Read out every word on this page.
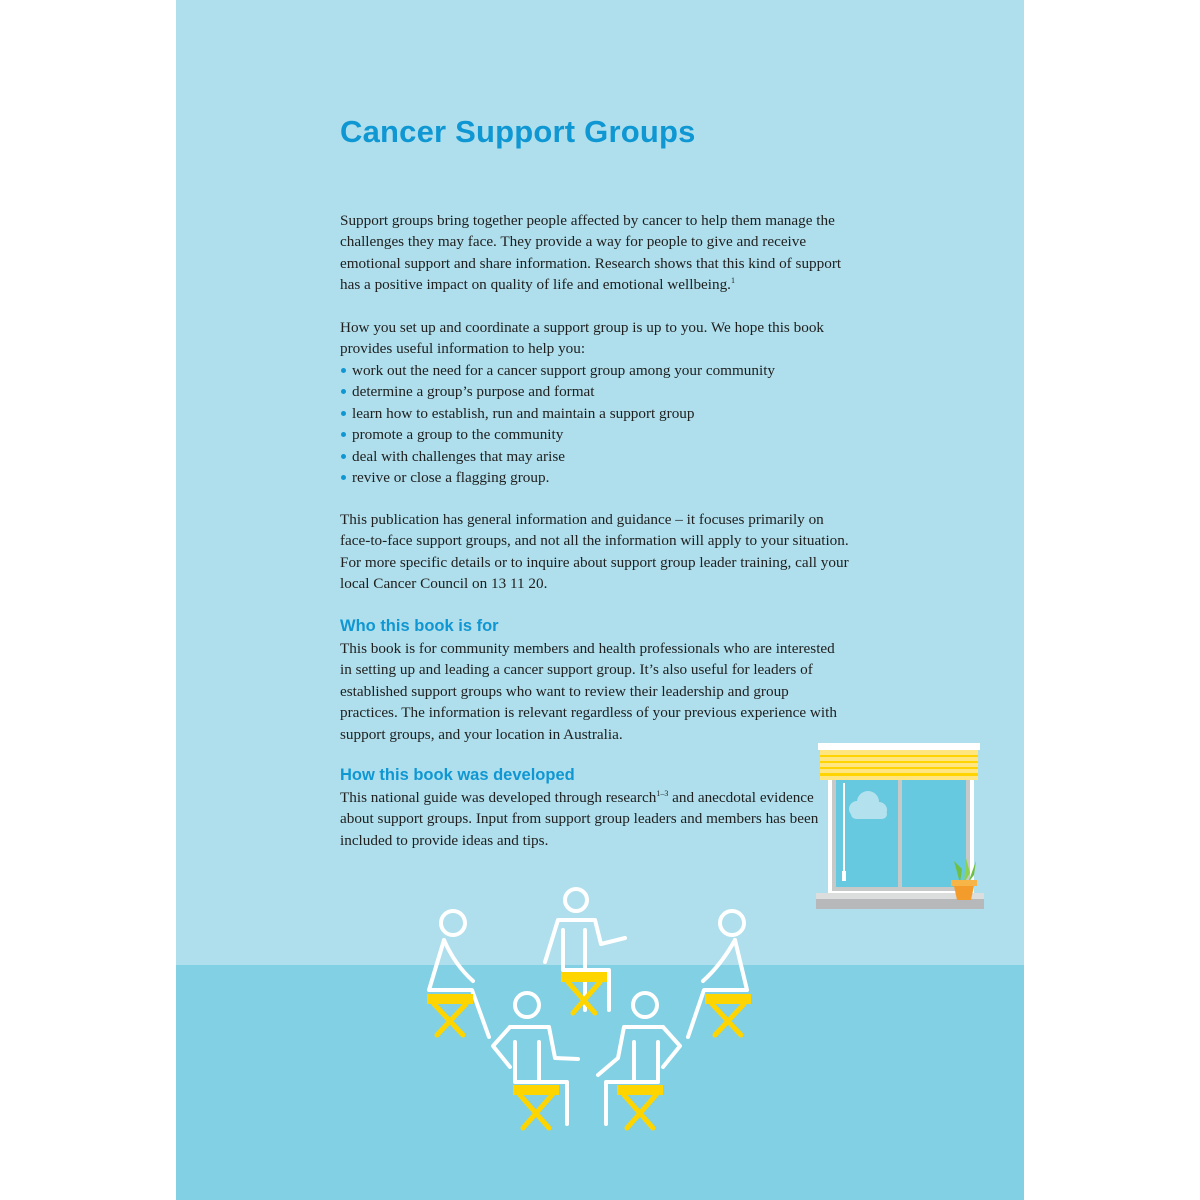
Cancer Support Groups

Support groups bring together people affected by cancer to help them manage the challenges they may face. They provide a way for people to give and receive emotional support and share information. Research shows that this kind of support has a positive impact on quality of life and emotional wellbeing.$^1$

How you set up and coordinate a support group is up to you. We hope this book provides useful information to help you:

work out the need for a cancer support group among your community
determine a group’s purpose and format
learn how to establish, run and maintain a support group
promote a group to the community
deal with challenges that may arise
revive or close a flagging group.

This publication has general information and guidance – it focuses primarily on face-to-face support groups, and not all the information will apply to your situation. For more specific details or to inquire about support group leader training, call your local Cancer Council on 13 11 20.

Who this book is for

This book is for community members and health professionals who are interested in setting up and leading a cancer support group. It’s also useful for leaders of established support groups who want to review their leadership and group practices. The information is relevant regardless of your previous experience with support groups, and your location in Australia.

How this book was developed

This national guide was developed through research$^{1-3}$ and anecdotal evidence about support groups. Input from support group leaders and members has been included to provide ideas and tips.
